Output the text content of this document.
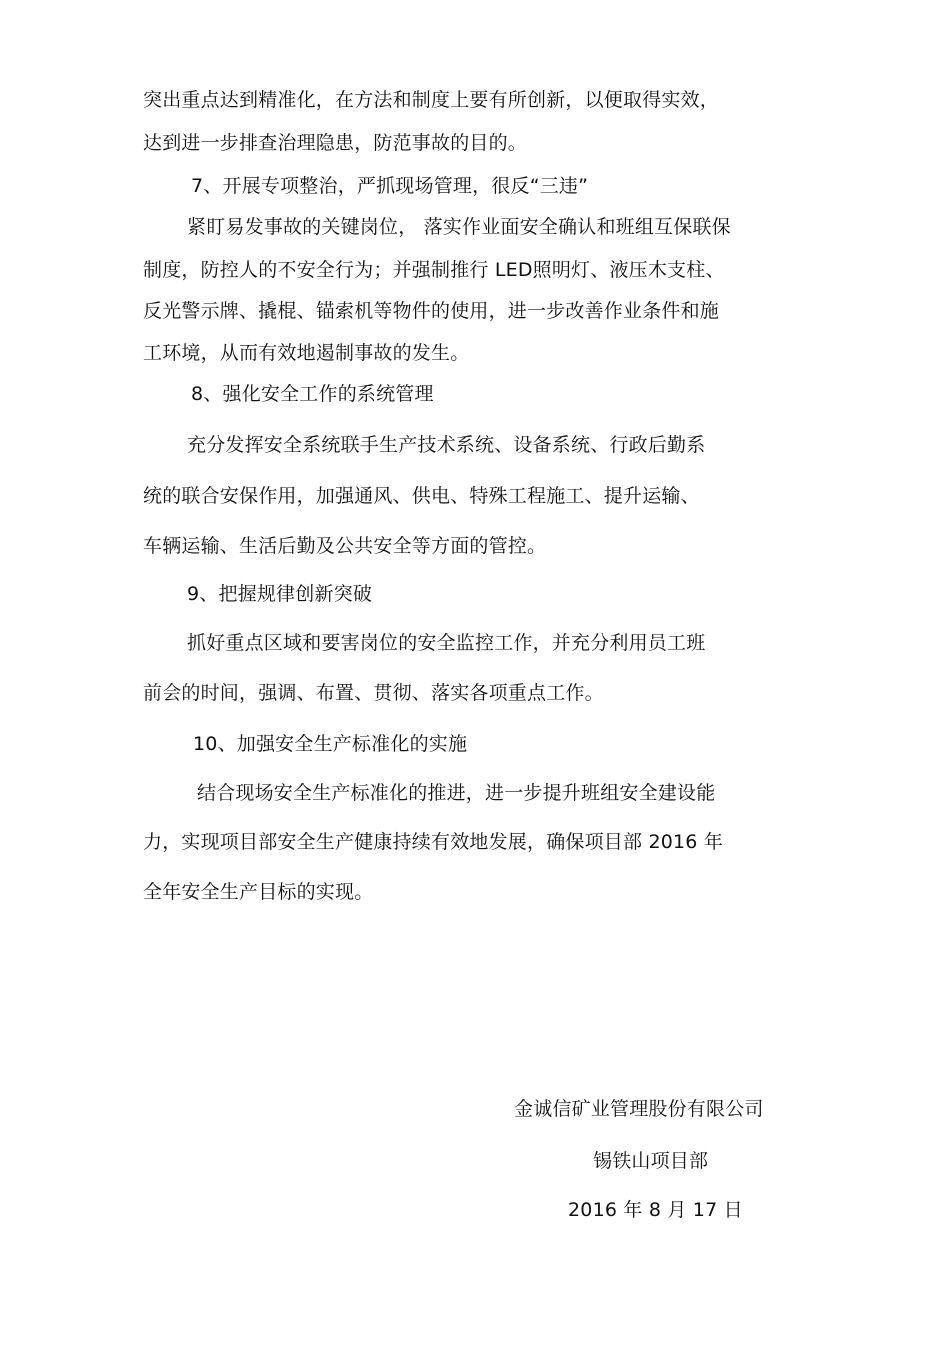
突出重点达到精准化，在方法和制度上要有所创新，以便取得实效，
达到进一步排查治理隐患，防范事故的目的。
7、开展专项整治，严抓现场管理，很反“三违”
紧盯易发事故的关键岗位， 落实作业面安全确认和班组互保联保
制度，防控人的不安全行为；并强制推行 LED照明灯、液压木支柱、
反光警示牌、撬棍、锚索机等物件的使用，进一步改善作业条件和施
工环境，从而有效地遏制事故的发生。
8、强化安全工作的系统管理
充分发挥安全系统联手生产技术系统、设备系统、行政后勤系
统的联合安保作用，加强通风、供电、特殊工程施工、提升运输、
车辆运输、生活后勤及公共安全等方面的管控。
9、把握规律创新突破
抓好重点区域和要害岗位的安全监控工作，并充分利用员工班
前会的时间，强调、布置、贯彻、落实各项重点工作。
10、加强安全生产标准化的实施
结合现场安全生产标准化的推进，进一步提升班组安全建设能
力，实现项目部安全生产健康持续有效地发展，确保项目部 2016 年
全年安全生产目标的实现。
金诚信矿业管理股份有限公司
锡铁山项目部
2016 年 8 月 17 日
